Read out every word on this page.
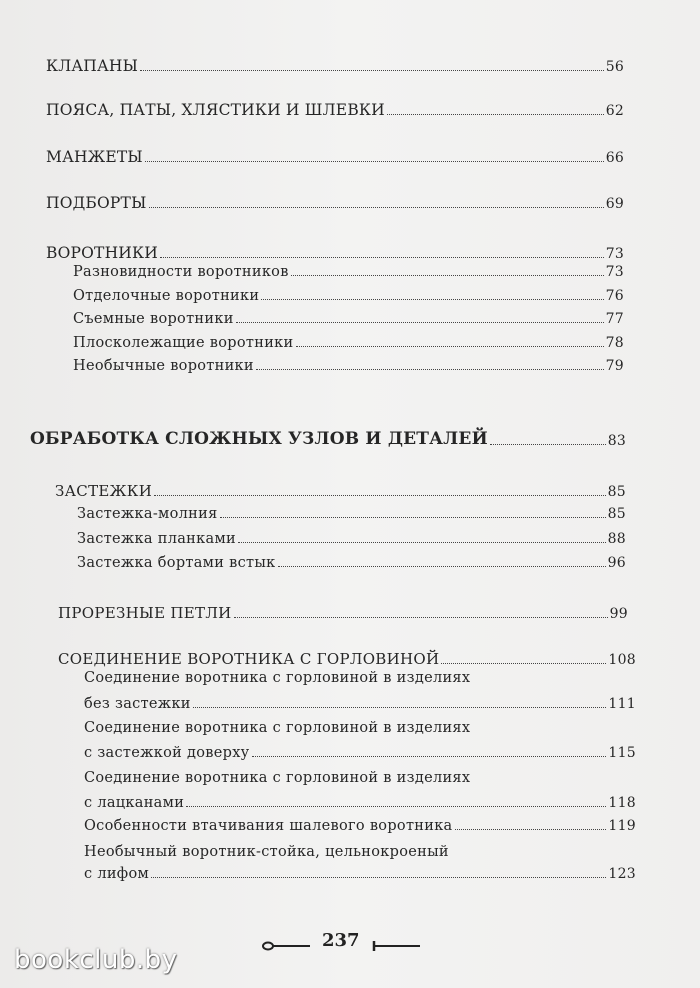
КЛАПАНЫ	56
ПОЯСА, ПАТЫ, ХЛЯСТИКИ И ШЛЕВКИ	62
МАНЖЕТЫ	66
ПОДБОРТЫ	69
ВОРОТНИКИ	73
Разновидности воротников	73
Отделочные воротники	76
Съемные воротники	77
Плосколежащие воротники	78
Необычные воротники	79
ОБРАБОТКА СЛОЖНЫХ УЗЛОВ И ДЕТАЛЕЙ	83
ЗАСТЕЖКИ	85
Застежка-молния	85
Застежка планками	88
Застежка бортами встык	96
ПРОРЕЗНЫЕ ПЕТЛИ	99
СОЕДИНЕНИЕ ВОРОТНИКА С ГОРЛОВИНОЙ	108
Соединение воротника с горловиной в изделиях
без застежки	111
Соединение воротника с горловиной в изделиях
с застежкой доверху	115
Соединение воротника с горловиной в изделиях
с лацканами	118
Особенности втачивания шалевого воротника	119
Необычный воротник-стойка, цельнокроеный
с лифом	123
237
bookclub.by
